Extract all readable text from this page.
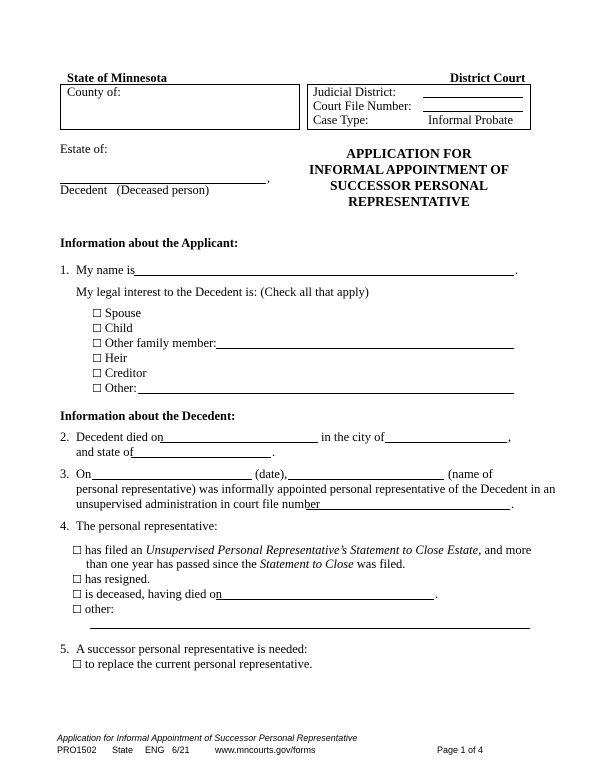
State of Minnesota	District Court
County of:	Judicial District:
Court File Number:
Case Type:	Informal Probate
Estate of:
,
Decedent   (Deceased person)
APPLICATION FOR
INFORMAL APPOINTMENT OF
SUCCESSOR PERSONAL
REPRESENTATIVE
Information about the Applicant:
1. My name is	.
My legal interest to the Decedent is: (Check all that apply)
☐ Spouse
☐ Child
☐ Other family member:
☐ Heir
☐ Creditor
☐ Other:
Information about the Decedent:
2. Decedent died on	in the city of	,
and state of	.
3. On	(date),	(name of
personal representative) was informally appointed personal representative of the Decedent in an
unsupervised administration in court file number	.
4. The personal representative:
☐ has filed an Unsupervised Personal Representative’s Statement to Close Estate, and more
than one year has passed since the Statement to Close was filed.
☐ has resigned.
☐ is deceased, having died on	.
☐ other:
5. A successor personal representative is needed:
☐ to replace the current personal representative.
Application for Informal Appointment of Successor Personal Representative
PRO1502 State ENG 6/21	www.mncourts.gov/forms	Page 1 of 4
